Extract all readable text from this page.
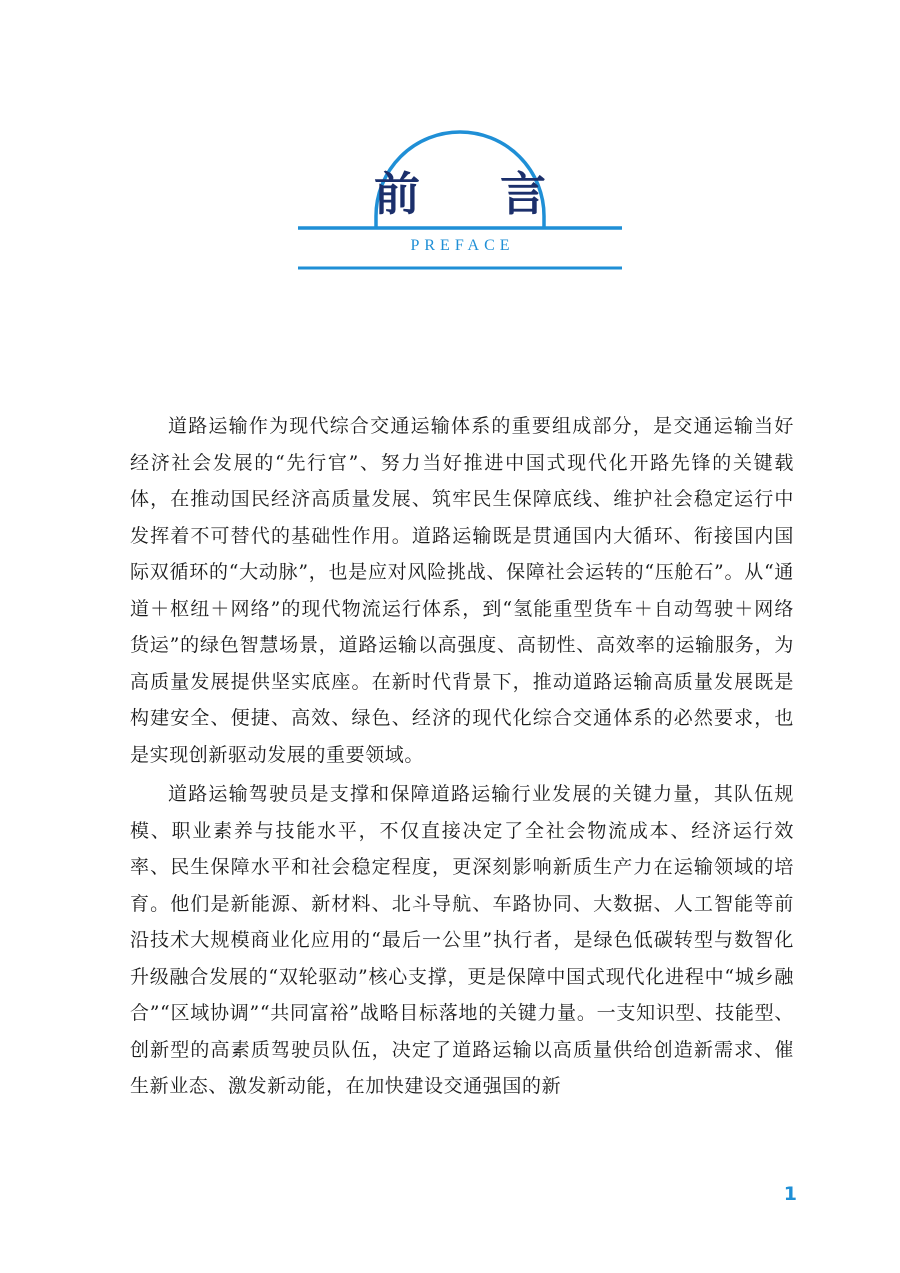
前 言
PREFACE

道路运输作为现代综合交通运输体系的重要组成部分，是交通运输当好经济社会发展的“先行官”、努力当好推进中国式现代化开路先锋的关键载体，在推动国民经济高质量发展、筑牢民生保障底线、维护社会稳定运行中发挥着不可替代的基础性作用。道路运输既是贯通国内大循环、衔接国内国际双循环的“大动脉”，也是应对风险挑战、保障社会运转的“压舱石”。从“通道＋枢纽＋网络”的现代物流运行体系，到“氢能重型货车＋自动驾驶＋网络货运”的绿色智慧场景，道路运输以高强度、高韧性、高效率的运输服务，为高质量发展提供坚实底座。在新时代背景下，推动道路运输高质量发展既是构建安全、便捷、高效、绿色、经济的现代化综合交通体系的必然要求，也是实现创新驱动发展的重要领域。

道路运输驾驶员是支撑和保障道路运输行业发展的关键力量，其队伍规模、职业素养与技能水平，不仅直接决定了全社会物流成本、经济运行效率、民生保障水平和社会稳定程度，更深刻影响新质生产力在运输领域的培育。他们是新能源、新材料、北斗导航、车路协同、大数据、人工智能等前沿技术大规模商业化应用的“最后一公里”执行者，是绿色低碳转型与数智化升级融合发展的“双轮驱动”核心支撑，更是保障中国式现代化进程中“城乡融合”“区域协调”“共同富裕”战略目标落地的关键力量。一支知识型、技能型、创新型的高素质驾驶员队伍，决定了道路运输以高质量供给创造新需求、催生新业态、激发新动能，在加快建设交通强国的新

1
